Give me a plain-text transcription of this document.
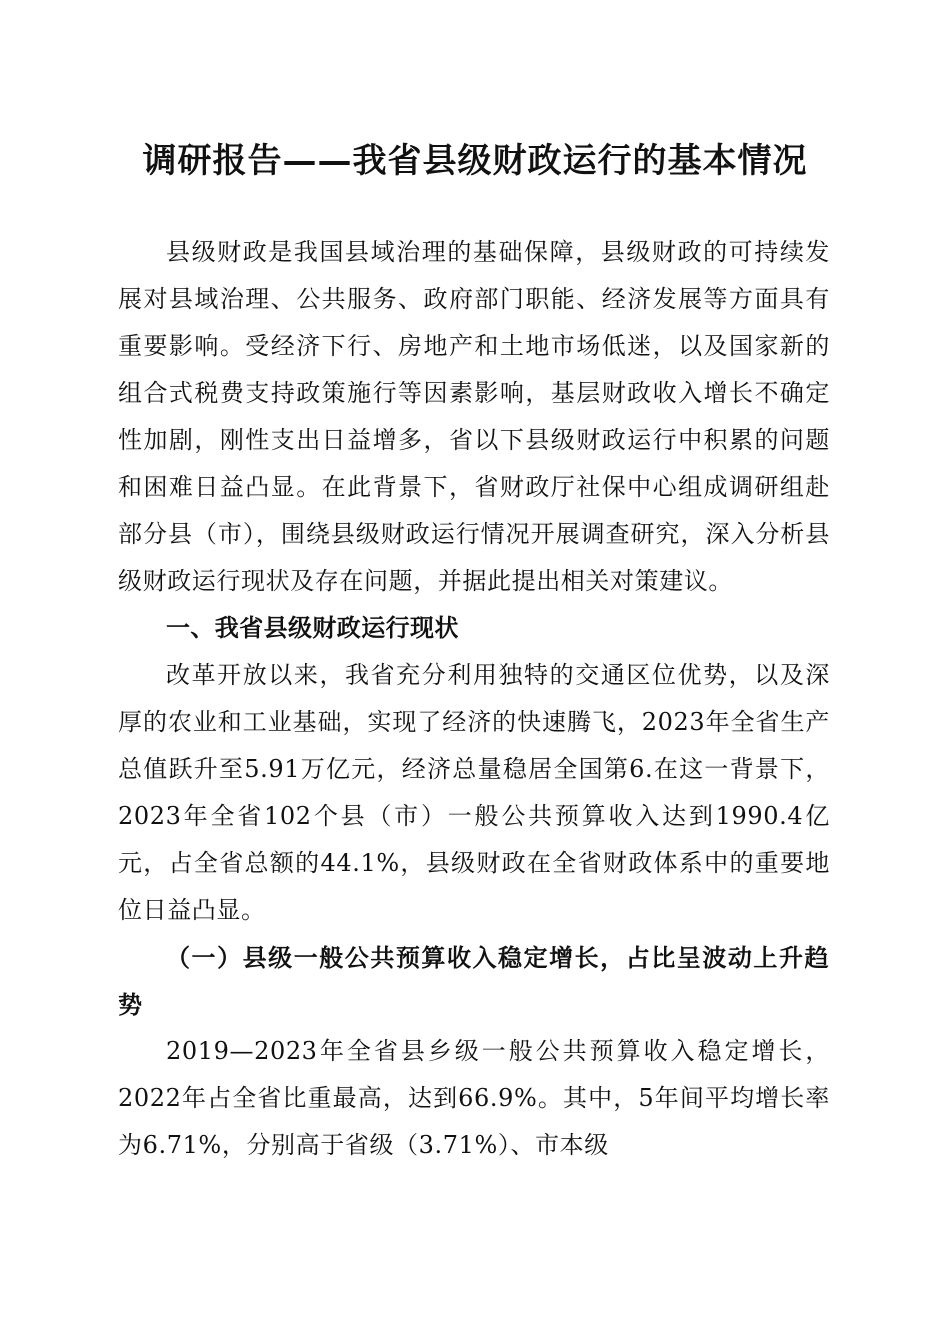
调研报告——我省县级财政运行的基本情况

县级财政是我国县域治理的基础保障，县级财政的可持续发展对县域治理、公共服务、政府部门职能、经济发展等方面具有重要影响。受经济下行、房地产和土地市场低迷，以及国家新的组合式税费支持政策施行等因素影响，基层财政收入增长不确定性加剧，刚性支出日益增多，省以下县级财政运行中积累的问题和困难日益凸显。在此背景下，省财政厅社保中心组成调研组赴部分县（市），围绕县级财政运行情况开展调查研究，深入分析县级财政运行现状及存在问题，并据此提出相关对策建议。

一、我省县级财政运行现状

改革开放以来，我省充分利用独特的交通区位优势，以及深厚的农业和工业基础，实现了经济的快速腾飞，2023年全省生产总值跃升至5.91万亿元，经济总量稳居全国第6.在这一背景下，2023年全省102个县（市）一般公共预算收入达到1990.4亿元，占全省总额的44.1%，县级财政在全省财政体系中的重要地位日益凸显。

（一）县级一般公共预算收入稳定增长，占比呈波动上升趋势

2019—2023年全省县乡级一般公共预算收入稳定增长，2022年占全省比重最高，达到66.9%。其中，5年间平均增长率为6.71%，分别高于省级（3.71%）、市本级
